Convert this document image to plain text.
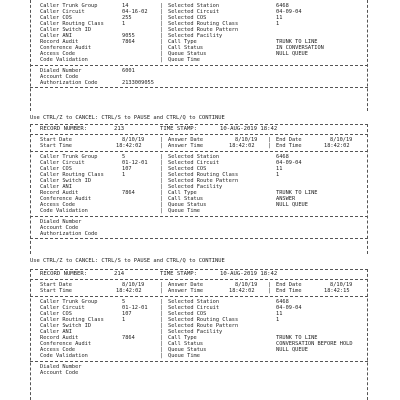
Caller Trunk Group	14	Selected Station	6468
|
Caller Circuit	04-16-02	Selected Circuit	04-09-04
|
Caller COS	255	Selected COS	11
|
Caller Routing Class	1	Selected Routing Class	1
|
Caller Switch ID	Selected Route Pattern
|
Caller ANI	9055	Selected Facility
|
Record Audit	7864	Call Type	TRUNK TO LINE
|
Conference Audit	Call Status	IN CONVERSATION
|
Access Code	Queue Status	NULL QUEUE
|
Code Validation	Queue Time
|
Dialed Number	6001
Account Code
Authorization Code	2133009055
Use CTRL/Z to CANCEL: CTRL/S to PAUSE and CTRL/Q to CONTINUE
RECORD NUMBER:	213	TIME STAMP:	10-AUG-2019 18:42
Start Date	8/10/19	| Answer Date	8/10/19 | End Date	8/10/19
Start Time	18:42:02	| Answer Time	18:42:02	| End Time	18:42:02
Caller Trunk Group	5	Selected Station	6468
|
Caller Circuit	01-12-01	Selected Circuit	04-09-04
|
Caller COS	107	Selected COS	11
|
Caller Routing Class	1	Selected Routing Class	1
|
Caller Switch ID	Selected Route Pattern
|
Caller ANI	Selected Facility
|
Record Audit	7864	Call Type	TRUNK TO LINE
|
Conference Audit	Call Status	ANSWER
|
Access Code	Queue Status	NULL QUEUE
|
Code Validation	Queue Time
|
Dialed Number
Account Code
Authorization Code
Use CTRL/Z to CANCEL: CTRL/S to PAUSE and CTRL/Q to CONTINUE
RECORD NUMBER:	214	TIME STAMP:	10-AUG-2019 18:42
Start Date	8/10/19	| Answer Date	8/10/19 | End Date	8/10/19
Start Time	18:42:02	| Answer Time	18:42:02	| End Time	18:42:15
Caller Trunk Group	5	Selected Station	6468
|
Caller Circuit	01-12-01	Selected Circuit	04-09-04
|
Caller COS	107	Selected COS	11
|
Caller Routing Class	1	Selected Routing Class	1
|
Caller Switch ID	Selected Route Pattern
|
Caller ANI	Selected Facility
|
Record Audit	7864	Call Type	TRUNK TO LINE
|
Conference Audit	Call Status	CONVERSATION BEFORE HOLD
|
Access Code	Queue Status	NULL QUEUE
|
Code Validation	Queue Time
|
Dialed Number
Account Code
